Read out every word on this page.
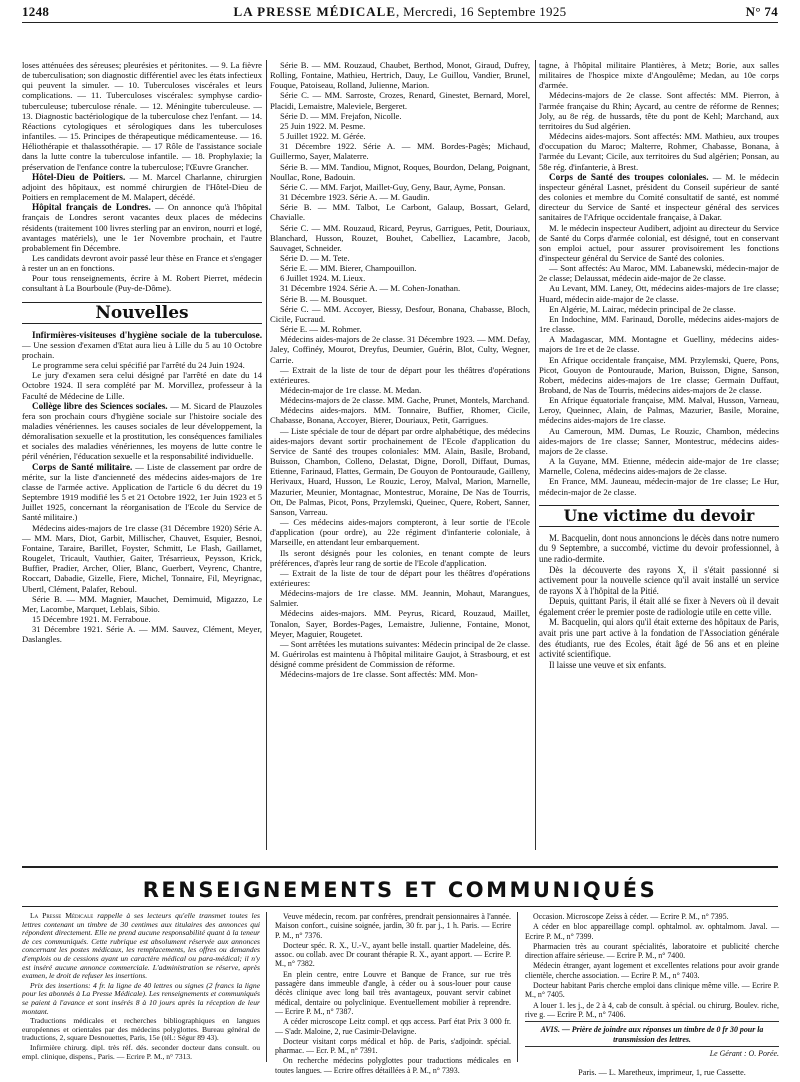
1248	LA PRESSE MÉDICALE, Mercredi, 16 Septembre 1925	N° 74

loses atténuées des séreuses; pleurésies et péritonites. — 9. La fièvre de tuberculisation; son diagnostic différentiel avec les états infectieux qui peuvent la simuler. — 10. Tuberculoses viscérales et leurs complications. — 11. Tuberculoses viscérales: symphyse cardio-tuberculeuse; tuberculose rénale. — 12. Méningite tuberculeuse. — 13. Diagnostic bactériologique de la tuberculose chez l'enfant. — 14. Réactions cytologiques et sérologiques dans les tuberculoses infantiles. — 15. Principes de thérapeutique médicamenteuse. — 16. Héliothérapie et thalassothérapie. — 17 Rôle de l'assistance sociale dans la lutte contre la tuberculose infantile. — 18. Prophylaxie; la préservation de l'enfance contre la tuberculose; l'Œuvre Grancher.

Hôtel-Dieu de Poitiers. — M. Marcel Charlanne, chirurgien adjoint des hôpitaux, est nommé chirurgien de l'Hôtel-Dieu de Poitiers en remplacement de M. Malapert, décédé.

Hôpital français de Londres. — On annonce qu'à l'hôpital français de Londres seront vacantes deux places de médecins résidents (traitement 100 livres sterling par an environ, nourri et logé, avantages matériels), une le 1er Novembre prochain, et l'autre probablement fin Décembre.

Les candidats devront avoir passé leur thèse en France et s'engager à rester un an en fonctions.

Pour tous renseignements, écrire à M. Robert Pierret, médecin consultant à La Bourboule (Puy-de-Dôme).

Nouvelles

Infirmières-visiteuses d'hygiène sociale de la tuberculose. — Une session d'examen d'Etat aura lieu à Lille du 5 au 10 Octobre prochain.

Le programme sera celui spécifié par l'arrêté du 24 Juin 1924.

Le jury d'examen sera celui désigné par l'arrêté en date du 14 Octobre 1924. Il sera complété par M. Morvillez, professeur à la Faculté de Médecine de Lille.

Collège libre des Sciences sociales. — M. Sicard de Plauzoles fera son prochain cours d'hygiène sociale sur l'histoire sociale des maladies vénériennes. les causes sociales de leur développement, la démoralisation sexuelle et la prostitution, les conséquences familiales et sociales des maladies vénériennes, les moyens de lutte contre le péril vénérien, l'éducation sexuelle et la responsabilité individuelle.

Corps de Santé militaire. — Liste de classement par ordre de mérite, sur la liste d'ancienneté des médecins aides-majors de 1re classe de l'armée active. Application de l'article 6 du décret du 19 Septembre 1919 modifié les 5 et 21 Octobre 1922, 1er Juin 1923 et 5 Juillet 1925, concernant la réorganisation de l'Ecole du Service de Santé militaire.)

Médecins aides-majors de 1re classe (31 Décembre 1920) Série A. — MM. Mars, Diot, Garbit, Millischer, Chauvet, Esquier, Besnoi, Fontaine, Taraire, Barillet, Foyster, Schmitt, Le Flash, Gaillamet, Rougelet, Tricault, Vauthier, Gaiter, Trésarrieux, Peysson, Krick, Buffier, Pradier, Archer, Olier, Blanc, Guerbert, Veyrenc, Chantre, Roccart, Dabadie, Gizelle, Fiere, Michel, Tonnaire, Fil, Meyrignac, Ubertl, Clément, Palafer, Reboul.

Série B. — MM. Magnier, Mauchet, Demimuid, Migazzo, Le Mer, Lacombe, Marquet, Leblais, Sibio.

15 Décembre 1921. M. Ferraboue.

31 Décembre 1921. Série A. — MM. Sauvez, Clément, Meyer, Daslangles.

Série B. — MM. Rouzaud, Chaubet, Berthod, Monot, Giraud, Dufrey, Rolling, Fontaine, Mathieu, Hertrich, Dauy, Le Guillou, Vandier, Brunel, Fouque, Patoiseau, Rolland, Julienne, Marion.

Série C. — MM. Sarroste, Crozes, Renard, Ginestet, Bernard, Morel, Placidi, Lemaistre, Maleviele, Bergeret.

Série D. — MM. Frejafon, Nicolle.

25 Juin 1922. M. Pesme.

5 Juillet 1922. M. Gérée.

31 Décembre 1922. Série A. — MM. Bordes-Pagès; Michaud, Guillermo, Sayer, Malaterre.

Série B. — MM. Tandiou, Mignot, Roques, Bourdon, Delang, Poignant, Noullac, Rone, Badouin.

Série C. — MM. Farjot, Maillet-Guy, Geny, Baur, Ayme, Ponsan.

31 Décembre 1923. Série A. — M. Gaudin.

Série B. — MM. Talbot, Le Carbont, Galaup, Bossart, Gelard, Chavialle.

Série C. — MM. Rouzaud, Ricard, Peyrus, Garrigues, Petit, Douriaux, Blanchard, Husson, Rouzet, Bouhet, Cabelliez, Lacambre, Jacob, Sauvaget, Schneider.

Série D. — M. Tete.

Série E. — MM. Bierer, Champouillon.

6 Juillet 1924. M. Lieux.

31 Décembre 1924. Série A. — M. Cohen-Jonathan.

Série B. — M. Bousquet.

Série C. — MM. Accoyer, Biessy, Desfour, Bonana, Chabasse, Bloch, Cicile, Fucraud.

Série E. — M. Rohmer.

Médecins aides-majors de 2e classe. 31 Décembre 1923. — MM. Defay, Jaley, Coffinéy, Mourot, Dreyfus, Deumier, Guérin, Blot, Culty, Wegner, Carrie.

— Extrait de la liste de tour de départ pour les théâtres d'opérations extérieures.

Médecin-major de 1re classe. M. Medan.

Médecins-majors de 2e classe. MM. Gache, Prunet, Montels, Marchand.

Médecins aides-majors. MM. Tonnaire, Buffier, Rhomer, Cicile, Chabasse, Bonana, Accoyer, Bierer, Douriaux, Petit, Garrigues.

— Liste spéciale de tour de départ par ordre alphabétique, des médecins aides-majors devant sortir prochainement de l'Ecole d'application du Service de Santé des troupes coloniales: MM. Alain, Basile, Broband, Buisson, Chambon, Colleno, Delastat, Digne, Doroll, Diffaut, Dumas, Etienne, Farinaud, Flattes, Germain, De Gouyon de Pontouraude, Gailleny, Herivaux, Huard, Husson, Le Rouzic, Leroy, Malval, Marion, Marnelle, Mazurier, Meunier, Montagnac, Montestruc, Moraine, De Nas de Tourris, Ott, De Palmas, Picot, Pons, Przylemski, Queinec, Quere, Robert, Sanner, Sanson, Varreau.

— Ces médecins aides-majors compteront, à leur sortie de l'Ecole d'application (pour ordre), au 22e régiment d'infanterie coloniale, à Marseille, en attendant leur embarquement.

Ils seront désignés pour les colonies, en tenant compte de leurs préférences, d'après leur rang de sortie de l'Ecole d'application.

— Extrait de la liste de tour de départ pour les théâtres d'opérations extérieures:

Médecins-majors de 1re classe. MM. Jeannin, Mohaut, Marangues, Salmier.

Médecins aides-majors. MM. Peyrus, Ricard, Rouzaud, Maillet, Tonalon, Sayer, Bordes-Pages, Lemaistre, Julienne, Fontaine, Monot, Meyer, Maguier, Rougetet.

— Sont arrêtées les mutations suivantes: Médecin principal de 2e classe. M. Guérirolas est maintenu à l'hôpital militaire Gaujot, à Strasbourg, et est désigné comme président de Commission de réforme.

Médecins-majors de 1re classe. Sont affectés: MM. Mon-

tagne, à l'hôpital militaire Plantières, à Metz; Borie, aux salles militaires de l'hospice mixte d'Angoulême; Medan, au 10e corps d'armée.

Médecins-majors de 2e classe. Sont affectés: MM. Pierron, à l'armée française du Rhin; Aycard, au centre de réforme de Rennes; Joly, au 8e rég. de hussards, tête du pont de Kehl; Marchand, aux territoires du Sud algérien.

Médecins aides-majors. Sont affectés: MM. Mathieu, aux troupes d'occupation du Maroc; Malterre, Rohmer, Chabasse, Bonana, à l'armée du Levant; Cicile, aux territoires du Sud algérien; Ponsan, au 58e rég. d'infanterie, à Brest.

Corps de Santé des troupes coloniales. — M. le médecin inspecteur général Lasnet, président du Conseil supérieur de santé des colonies et membre du Comité consultatif de santé, est nommé directeur du Service de Santé et inspecteur général des services sanitaires de l'Afrique occidentale française, à Dakar.

M. le médecin inspecteur Audibert, adjoint au directeur du Service de Santé du Corps d'armée colonial, est désigné, tout en conservant son emploi actuel, pour assurer provisoirement les fonctions d'inspecteur général du Service de Santé des colonies.

— Sont affectés: Au Maroc, MM. Labanewski, médecin-major de 2e classe; Delaussat, médecin aide-major de 2e classe.

Au Levant, MM. Laney, Ott, médecins aides-majors de 1re classe; Huard, médecin aide-major de 2e classe.

En Algérie, M. Lairac, médecin principal de 2e classe.

En Indochine, MM. Farinaud, Dorolle, médecins aides-majors de 1re classe.

A Madagascar, MM. Montagne et Guelliny, médecins aides-majors de 1re et de 2e classe.

En Afrique occidentale française, MM. Przylemski, Quere, Pons, Picot, Gouyon de Pontouraude, Marion, Buisson, Digne, Sanson, Robert, médecins aides-majors de 1re classe; Germain Duffaut, Broband, de Nas de Tourris, médecins aides-majors de 2e classe.

En Afrique équatoriale française, MM. Malval, Husson, Varneau, Leroy, Queinnec, Alain, de Palmas, Mazurier, Basile, Moraine, médecins aides-majors de 1re classe.

Au Cameroun, MM. Dumas, Le Rouzic, Chambon, médecins aides-majors de 1re classe; Sanner, Montestruc, médecins aides-majors de 2e classe.

A la Guyane, MM. Etienne, médecin aide-major de 1re classe; Marnelle, Colena, médecins aides-majors de 2e classe.

En France, MM. Jauneau, médecin-major de 1re classe; Le Hur, médecin-major de 2e classe.

Une victime du devoir

M. Bacquelin, dont nous annoncions le décès dans notre numero du 9 Septembre, a succombé, victime du devoir professionnel, à une radio-dermite.

Dès la découverte des rayons X, il s'était passionné si activement pour la nouvelle science qu'il avait installé un service de rayons X à l'hôpital de la Pitié.

Depuis, quittant Paris, il était allé se fixer à Nevers où il devait également créer le premier poste de radiologie utile en cette ville.

M. Bacquelin, qui alors qu'il était externe des hôpitaux de Paris, avait pris une part active à la fondation de l'Association générale des étudiants, rue des Ecoles, était âgé de 56 ans et en pleine activité scientifique.

Il laisse une veuve et six enfants.

RENSEIGNEMENTS ET COMMUNIQUÉS

La Presse Médicale rappelle à ses lecteurs qu'elle transmet toutes les lettres contenant un timbre de 30 centimes aux titulaires des annonces qui répondent directement. Elle ne prend aucune responsabilité quant à la teneur de ces communiqués. Cette rubrique est absolument réservée aux annonces concernant les postes médicaux, les remplacements, les offres ou demandes d'emplois ou de cessions ayant un caractère médical ou para-médical; il n'y est inséré aucune annonce commerciale. L'administration se réserve, après examen, le droit de refuser les insertions.

Prix des insertions: 4 fr. la ligne de 40 lettres ou signes (2 francs la ligne pour les abonnés à La Presse Médicale). Les renseignements et communiqués se paient à l'avance et sont insérés 8 à 10 jours après la réception de leur montant.

Traductions médicales et recherches bibliographiques en langues européennes et orientales par des médecins polyglottes. Bureau général de traductions, 2, square Desnouettes, Paris, 15e (tél.: Ségur 89 43).

Infirmière chirurg. dipl. très réf. dés. seconder docteur dans consult. ou empl. clinique, dispens., Paris. — Ecrire P. M., n° 7313.

Veuve médecin, recom. par confrères, prendrait pensionnaires à l'année. Maison confort., cuisine soignée, jardin, 30 fr. par j., 1 h. Paris. — Ecrire P. M., n° 7376.

Docteur spéc. R. X., U.-V., ayant belle install. quartier Madeleine, dés. assoc. ou collab. avec Dr courant thérapie R. X., ayant apport. — Ecrire P. M., n° 7382.

En plein centre, entre Louvre et Banque de France, sur rue très passagère dans immeuble d'angle, à céder ou à sous-louer pour cause décès clinique avec long bail très avantageux, pouvant servir cabinet médical, dentaire ou polyclinique. Eventuellement mobilier à reprendre. — Ecrire P. M., n° 7387.

A céder microscope Leitz compl. et qqs access. Parf état Prix 3 000 fr. — S'adr. Maloine, 2, rue Casimir-Delavigne.

Docteur visitant corps médical et hôp. de Paris, s'adjoindr. spécial. pharmac. — Ecr. P. M., n° 7391.

On recherche médecins polyglottes pour traductions médicales en toutes langues. — Ecrire offres détaillées à P. M., n° 7393.

Occasion. Microscope Zeiss à céder. — Ecrire P. M., n° 7395.

A céder en bloc appareillage compl. ophtalmol. av. ophtalmom. Javal. — Ecrire P. M., n° 7399.

Pharmacien très au courant spécialités, laboratoire et publicité cherche direction affaire sérieuse. — Ecrire P. M., n° 7400.

Médecin étranger, ayant logement et excellentes relations pour avoir grande clientèle, cherche association. — Ecrire P. M., n° 7403.

Docteur habitant Paris cherche emploi dans clinique même ville. — Ecrire P. M., n° 7405.

A louer 1. les j., de 2 à 4, cab de consult. à spécial. ou chirurg. Boulev. riche, rive g. — Ecrire P. M., n° 7406.

AVIS. — Prière de joindre aux réponses un timbre de 0 fr 30 pour la transmission des lettres.

Le Gérant : O. Porée.

Paris. — L. Maretheux, imprimeur, 1, rue Cassette.
